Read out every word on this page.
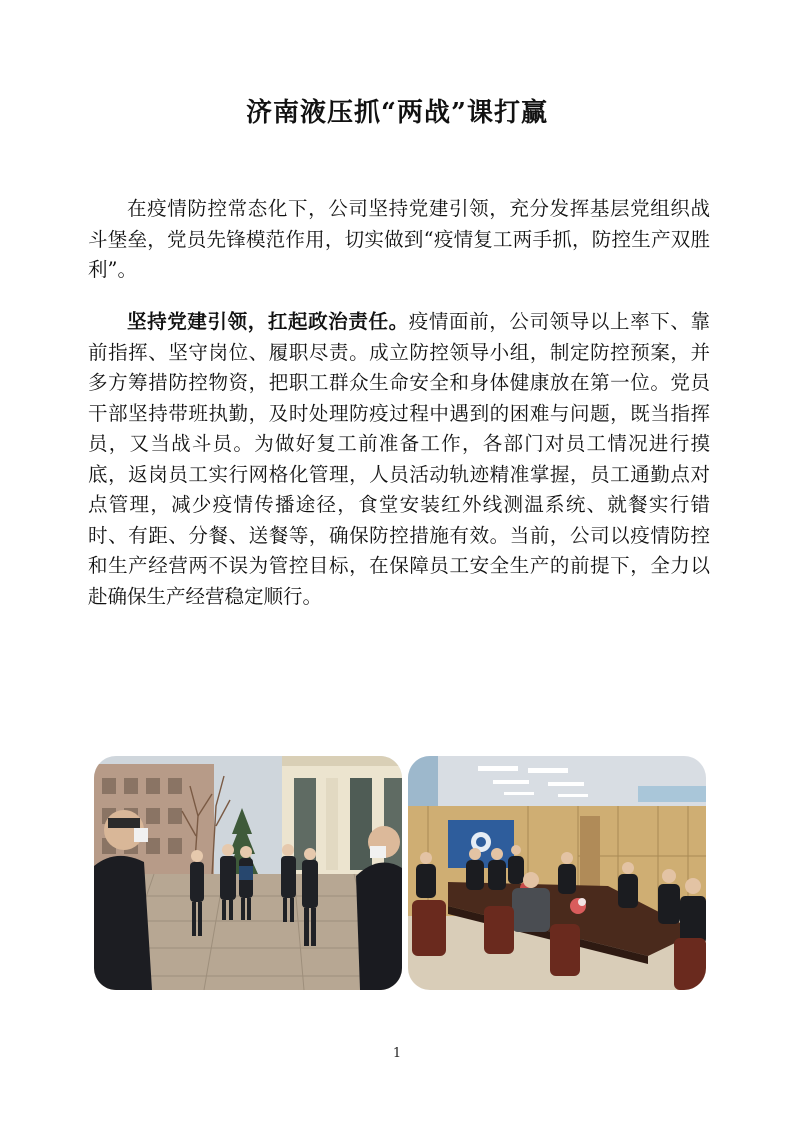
济南液压抓“两战”课打赢

在疫情防控常态化下，公司坚持党建引领，充分发挥基层党组织战斗堡垒，党员先锋模范作用，切实做到“疫情复工两手抓，防控生产双胜利”。

坚持党建引领，扛起政治责任。疫情面前，公司领导以上率下、靠前指挥、坚守岗位、履职尽责。成立防控领导小组，制定防控预案，并多方筹措防控物资，把职工群众生命安全和身体健康放在第一位。党员干部坚持带班执勤，及时处理防疫过程中遇到的困难与问题，既当指挥员，又当战斗员。为做好复工前准备工作，各部门对员工情况进行摸底，返岗员工实行网格化管理，人员活动轨迹精准掌握，员工通勤点对点管理，减少疫情传播途径，食堂安装红外线测温系统、就餐实行错时、有距、分餐、送餐等，确保防控措施有效。当前，公司以疫情防控和生产经营两不误为管控目标，在保障员工安全生产的前提下，全力以赴确保生产经营稳定顺行。

1
